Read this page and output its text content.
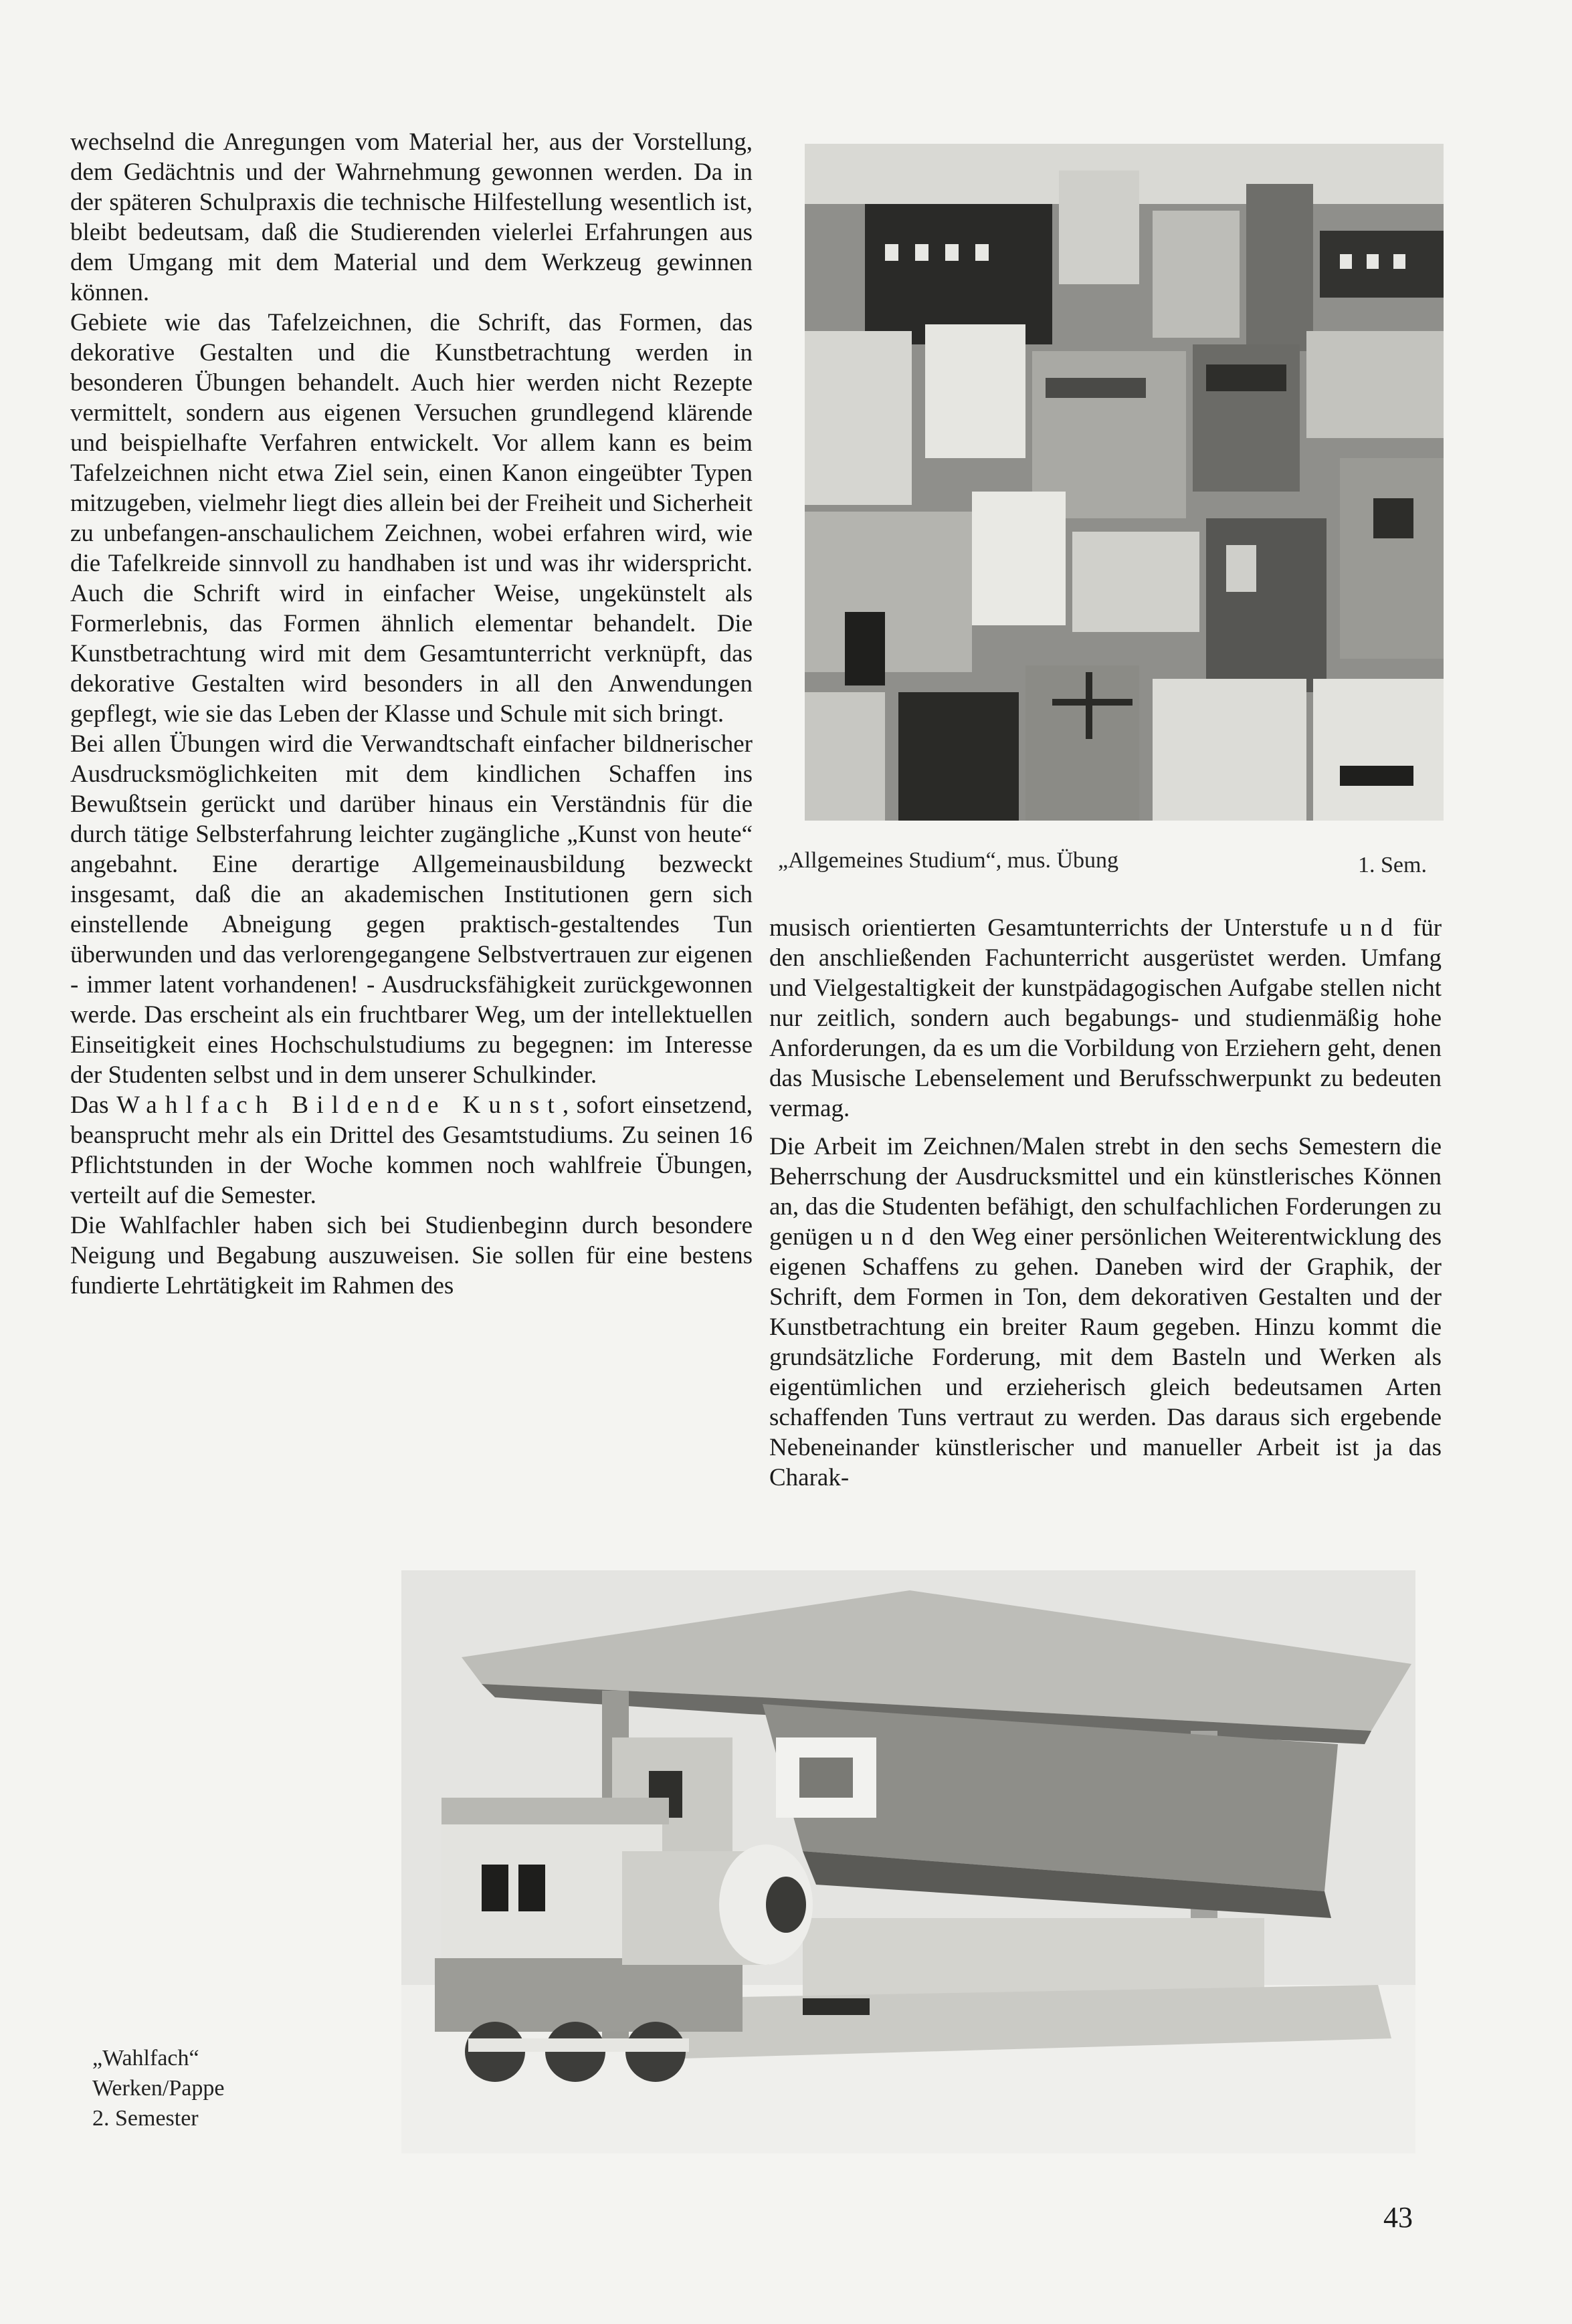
wechselnd die Anregungen vom Material her, aus der Vorstellung, dem Gedächtnis und der Wahrnehmung gewonnen werden. Da in der späteren Schulpraxis die technische Hilfestellung wesentlich ist, bleibt bedeutsam, daß die Studierenden vielerlei Erfahrungen aus dem Umgang mit dem Material und dem Werkzeug gewinnen können.

Gebiete wie das Tafelzeichnen, die Schrift, das Formen, das dekorative Gestalten und die Kunstbetrachtung werden in besonderen Übungen behandelt. Auch hier werden nicht Rezepte vermittelt, sondern aus eigenen Versuchen grundlegend klärende und beispielhafte Verfahren entwickelt. Vor allem kann es beim Tafelzeichnen nicht etwa Ziel sein, einen Kanon eingeübter Typen mitzugeben, vielmehr liegt dies allein bei der Freiheit und Sicherheit zu unbefangen-anschaulichem Zeichnen, wobei erfahren wird, wie die Tafelkreide sinnvoll zu handhaben ist und was ihr widerspricht. Auch die Schrift wird in einfacher Weise, ungekünstelt als Formerlebnis, das Formen ähnlich elementar behandelt. Die Kunstbetrachtung wird mit dem Gesamtunterricht verknüpft, das dekorative Gestalten wird besonders in all den Anwendungen gepflegt, wie sie das Leben der Klasse und Schule mit sich bringt.

Bei allen Übungen wird die Verwandtschaft einfacher bildnerischer Ausdrucksmöglichkeiten mit dem kindlichen Schaffen ins Bewußtsein gerückt und darüber hinaus ein Verständnis für die durch tätige Selbsterfahrung leichter zugängliche „Kunst von heute“ angebahnt. Eine derartige Allgemeinausbildung bezweckt insgesamt, daß die an akademischen Institutionen gern sich einstellende Abneigung gegen praktisch-gestaltendes Tun überwunden und das verlorengegangene Selbstvertrauen zur eigenen - immer latent vorhandenen! - Ausdrucksfähigkeit zurückgewonnen werde. Das erscheint als ein fruchtbarer Weg, um der intellektuellen Einseitigkeit eines Hochschulstudiums zu begegnen: im Interesse der Studenten selbst und in dem unserer Schulkinder.

Das Wahlfach Bildende Kunst, sofort einsetzend, beansprucht mehr als ein Drittel des Gesamtstudiums. Zu seinen 16 Pflichtstunden in der Woche kommen noch wahlfreie Übungen, verteilt auf die Semester.

Die Wahlfachler haben sich bei Studienbeginn durch besondere Neigung und Begabung auszuweisen. Sie sollen für eine bestens fundierte Lehrtätigkeit im Rahmen des

„Allgemeines Studium“, mus. Übung	1. Sem.

musisch orientierten Gesamtunterrichts der Unterstufe und für den anschließenden Fachunterricht ausgerüstet werden. Umfang und Vielgestaltigkeit der kunstpädagogischen Aufgabe stellen nicht nur zeitlich, sondern auch begabungs- und studienmäßig hohe Anforderungen, da es um die Vorbildung von Erziehern geht, denen das Musische Lebenselement und Berufsschwerpunkt zu bedeuten vermag.

Die Arbeit im Zeichnen/Malen strebt in den sechs Semestern die Beherrschung der Ausdrucksmittel und ein künstlerisches Können an, das die Studenten befähigt, den schulfachlichen Forderungen zu genügen und den Weg einer persönlichen Weiterentwicklung des eigenen Schaffens zu gehen. Daneben wird der Graphik, der Schrift, dem Formen in Ton, dem dekorativen Gestalten und der Kunstbetrachtung ein breiter Raum gegeben. Hinzu kommt die grundsätzliche Forderung, mit dem Basteln und Werken als eigentümlichen und erzieherisch gleich bedeutsamen Arten schaffenden Tuns vertraut zu werden. Das daraus sich ergebende Nebeneinander künstlerischer und manueller Arbeit ist ja das Charak-

„Wahlfach“
Werken/Pappe
2. Semester
43
